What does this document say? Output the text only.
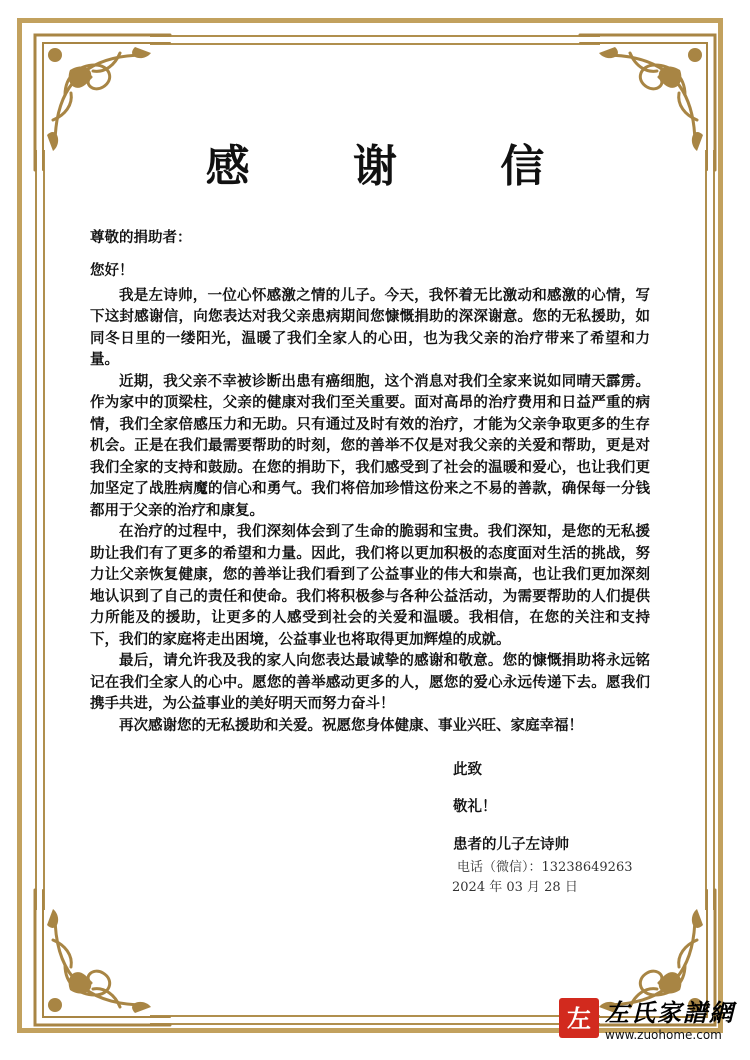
感 谢 信
尊敬的捐助者：

您好！

我是左诗帅，一位心怀感激之情的儿子。今天，我怀着无比激动和感激的心情，写下这封感谢信，向您表达对我父亲患病期间您慷慨捐助的深深谢意。您的无私援助，如同冬日里的一缕阳光，温暖了我们全家人的心田，也为我父亲的治疗带来了希望和力量。

近期，我父亲不幸被诊断出患有癌细胞，这个消息对我们全家来说如同晴天霹雳。作为家中的顶梁柱，父亲的健康对我们至关重要。面对高昂的治疗费用和日益严重的病情，我们全家倍感压力和无助。只有通过及时有效的治疗，才能为父亲争取更多的生存机会。正是在我们最需要帮助的时刻，您的善举不仅是对我父亲的关爱和帮助，更是对我们全家的支持和鼓励。在您的捐助下，我们感受到了社会的温暖和爱心，也让我们更加坚定了战胜病魔的信心和勇气。我们将倍加珍惜这份来之不易的善款，确保每一分钱都用于父亲的治疗和康复。

在治疗的过程中，我们深刻体会到了生命的脆弱和宝贵。我们深知，是您的无私援助让我们有了更多的希望和力量。因此，我们将以更加积极的态度面对生活的挑战，努力让父亲恢复健康，您的善举让我们看到了公益事业的伟大和崇高，也让我们更加深刻地认识到了自己的责任和使命。我们将积极参与各种公益活动，为需要帮助的人们提供力所能及的援助，让更多的人感受到社会的关爱和温暖。我相信，在您的关注和支持下，我们的家庭将走出困境，公益事业也将取得更加辉煌的成就。

最后，请允许我及我的家人向您表达最诚挚的感谢和敬意。您的慷慨捐助将永远铭记在我们全家人的心中。愿您的善举感动更多的人，愿您的爱心永远传递下去。愿我们携手共进，为公益事业的美好明天而努力奋斗！

再次感谢您的无私援助和关爱。祝愿您身体健康、事业兴旺、家庭幸福！

此致
敬礼！
患者的儿子左诗帅
电话（微信）：13238649263
2024 年 03 月 28 日
左 左氏家譜網
www.zuohome.com
